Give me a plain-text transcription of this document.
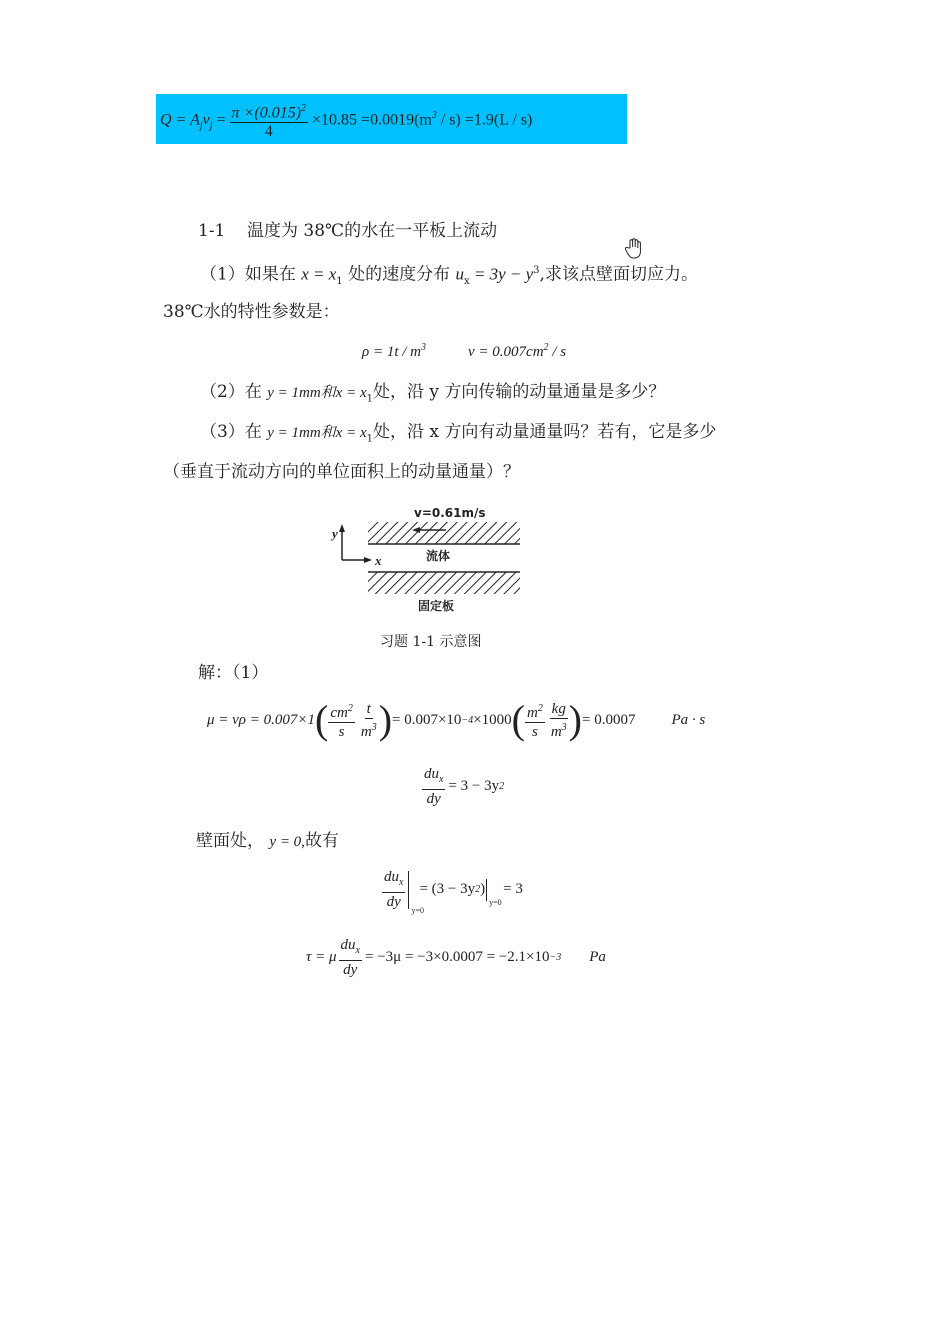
$Q = A_jv_j = \frac{\pi \times(0.015)^2}{4} \times 10.85 =0.0019(m^3 / s) =1.9(L / s)$
1-1 温度为 38℃的水在一平板上流动
（1）如果在 $x = x_1$ 处的速度分布 $u_x = 3y - y^3$,求该点壁面切应力。
38℃水的特性参数是：
$\rho = 1t / m^3$	$\nu = 0.007cm^2 / s$
（2）在 y = 1mm和$x = x_1$处，沿 y 方向传输的动量通量是多少？
（3）在 y = 1mm和$x = x_1$处，沿 x 方向有动量通量吗？若有，它是多少
（垂直于流动方向的单位面积上的动量通量）？
v=0.61m/s
流体
y
x
固定板
习题 1-1 示意图
解：（1）
μ = νρ = 0.007×1 ( $\frac{cm^2}{s} \frac{t}{m^3}$ ) = 0.007×10 −4 ×1000 ( $\frac{m^2}{s} \frac{kg}{m^3}$ ) = 0.0007 Pa · s
$\frac{du_x}{dy} = 3 - 3y$ 2
壁面处， y = 0,故有
$\frac{du_x}{dy} y=0$
= (3 − 3y 2 )
y=0
= 3
τ = μ $\frac{du_x}{dy} = -3\mu = -3\times 0.0007 = -2.1\times 10 -3$ Pa
